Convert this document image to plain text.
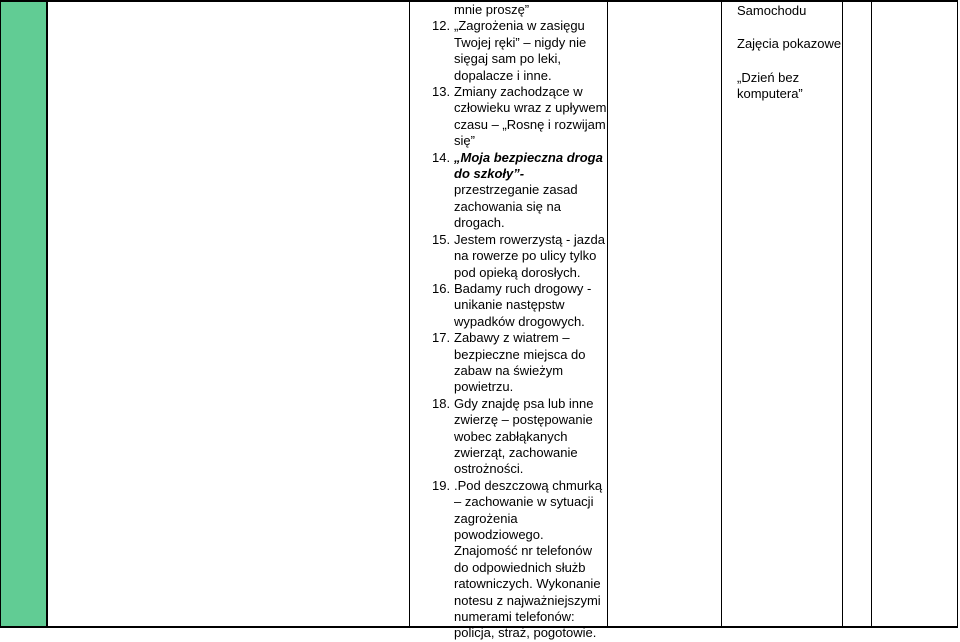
mnie proszę”
12. „Zagrożenia w zasięgu Twojej ręki” – nigdy nie sięgaj sam po leki, dopalacze i inne.
13. Zmiany zachodzące w człowieku wraz z upływem czasu – „Rosnę i rozwijam się”
14. „Moja bezpieczna droga do szkoły”- przestrzeganie zasad zachowania się na drogach.
15. Jestem rowerzystą - jazda na rowerze po ulicy tylko pod opieką dorosłych.
16. Badamy ruch drogowy - unikanie następstw wypadków drogowych.
17. Zabawy z wiatrem – bezpieczne miejsca do zabaw na świeżym powietrzu.
18. Gdy znajdę psa lub inne zwierzę – postępowanie wobec zabłąkanych zwierząt, zachowanie ostrożności.
19. .Pod deszczową chmurką – zachowanie w sytuacji zagrożenia powodziowego.
Znajomość nr telefonów do odpowiednich służb ratowniczych. Wykonanie notesu z najważniejszymi numerami telefonów: policja, straż, pogotowie.

Samochodu

Zajęcia pokazowe

„Dzień bez komputera”
